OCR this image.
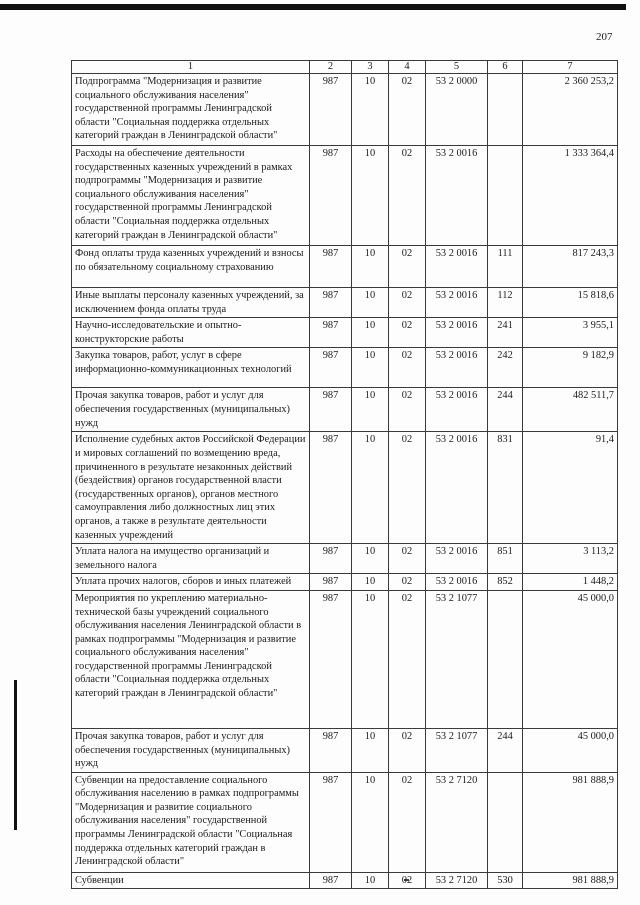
207
1	2	3	4	5	6	7
Подпрограмма "Модернизация и развитие социального обслуживания населения" государственной программы Ленинградской области "Социальная поддержка отдельных категорий граждан в Ленинградской области"	987	10	02	53 2 0000		2 360 253,2
Расходы на обеспечение деятельности государственных казенных учреждений в рамках подпрограммы "Модернизация и развитие социального обслуживания населения" государственной программы Ленинградской области "Социальная поддержка отдельных категорий граждан в Ленинградской области"	987	10	02	53 2 0016		1 333 364,4
Фонд оплаты труда казенных учреждений и взносы по обязательному социальному страхованию	987	10	02	53 2 0016	111	817 243,3
Иные выплаты персоналу казенных учреждений, за исключением фонда оплаты труда	987	10	02	53 2 0016	112	15 818,6
Научно-исследовательские и опытно-конструкторские работы	987	10	02	53 2 0016	241	3 955,1
Закупка товаров, работ, услуг в сфере информационно-коммуникационных технологий	987	10	02	53 2 0016	242	9 182,9
Прочая закупка товаров, работ и услуг для обеспечения государственных (муниципальных) нужд	987	10	02	53 2 0016	244	482 511,7
Исполнение судебных актов Российской Федерации и мировых соглашений по возмещению вреда, причиненного в результате незаконных действий (бездействия) органов государственной власти (государственных органов), органов местного самоуправления либо должностных лиц этих органов, а также в результате деятельности казенных учреждений	987	10	02	53 2 0016	831	91,4
Уплата налога на имущество организаций и земельного налога	987	10	02	53 2 0016	851	3 113,2
Уплата прочих налогов, сборов и иных платежей	987	10	02	53 2 0016	852	1 448,2
Мероприятия по укреплению материально-технической базы учреждений социального обслуживания населения Ленинградской области в рамках подпрограммы "Модернизация и развитие социального обслуживания населения" государственной программы Ленинградской области "Социальная поддержка отдельных категорий граждан в Ленинградской области"	987	10	02	53 2 1077		45 000,0
Прочая закупка товаров, работ и услуг для обеспечения государственных (муниципальных) нужд	987	10	02	53 2 1077	244	45 000,0
Субвенции на предоставление социального обслуживания населению в рамках подпрограммы "Модернизация и развитие социального обслуживания населения" государственной программы Ленинградской области "Социальная поддержка отдельных категорий граждан в Ленинградской области"	987	10	02	53 2 7120		981 888,9
Субвенции	987	10	02	53 2 7120	530	981 888,9
